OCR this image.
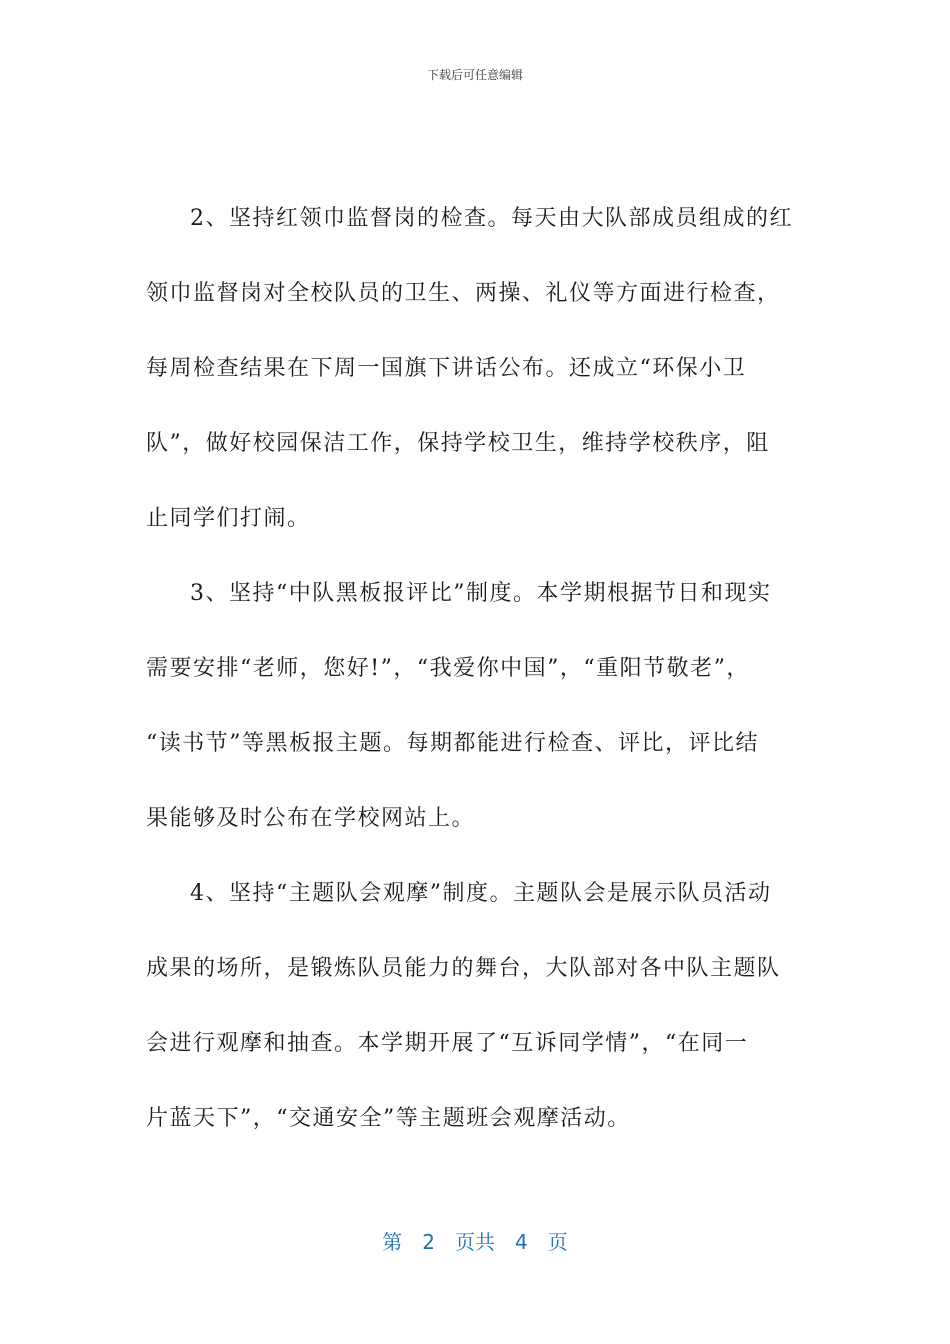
下载后可任意编辑
2、坚持红领巾监督岗的检查。每天由大队部成员组成的红
领巾监督岗对全校队员的卫生、两操、礼仪等方面进行检查，
每周检查结果在下周一国旗下讲话公布。还成立“环保小卫
队”，做好校园保洁工作，保持学校卫生，维持学校秩序，阻
止同学们打闹。
3、坚持“中队黑板报评比”制度。本学期根据节日和现实
需要安排“老师，您好!”，“我爱你中国”，“重阳节敬老”，
“读书节”等黑板报主题。每期都能进行检查、评比，评比结
果能够及时公布在学校网站上。
4、坚持“主题队会观摩”制度。主题队会是展示队员活动
成果的场所，是锻炼队员能力的舞台，大队部对各中队主题队
会进行观摩和抽查。本学期开展了“互诉同学情”，“在同一
片蓝天下”，“交通安全”等主题班会观摩活动。
第 2 页共 4 页
